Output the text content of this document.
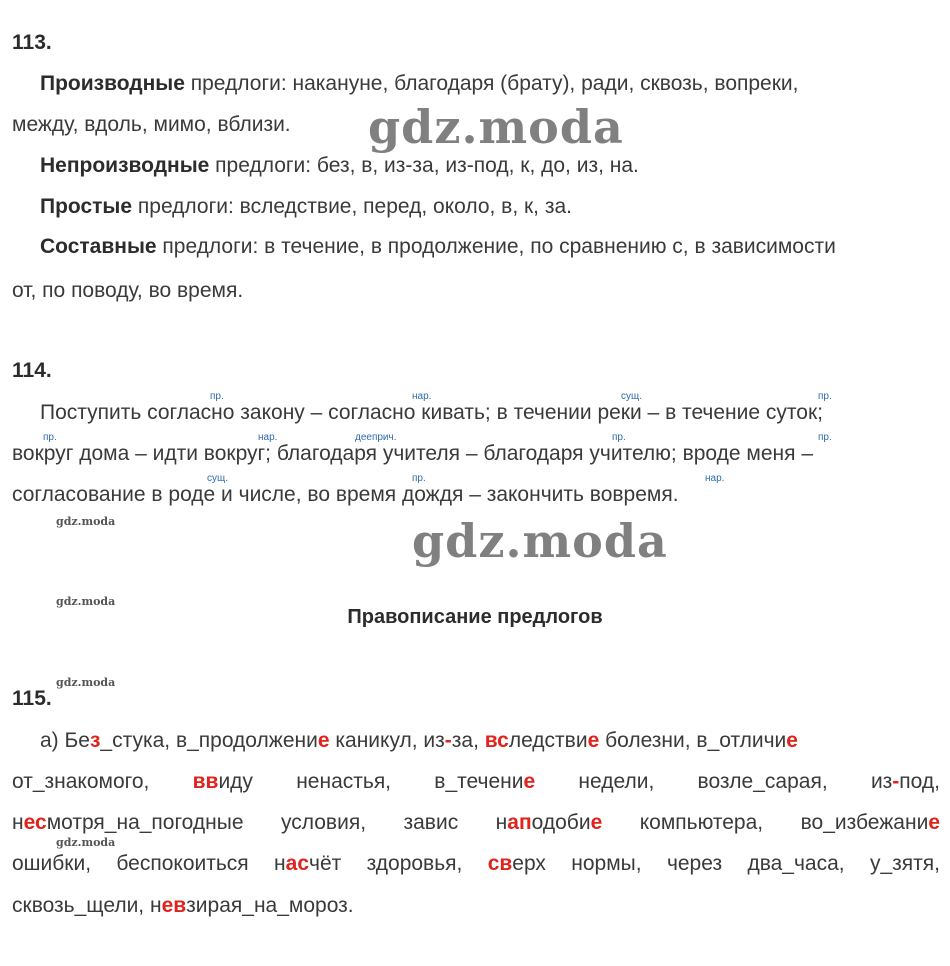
113.
Производные предлоги: накануне, благодаря (брату), ради, сквозь, вопреки,
между, вдоль, мимо, вблизи.
Непроизводные предлоги: без, в, из-за, из-под, к, до, из, на.
Простые предлоги: вследствие, перед, около, в, к, за.
Составные предлоги: в течение, в продолжение, по сравнению с, в зависимости
от, по поводу, во время.
gdz.moda
114.
пр.	нар.	сущ.	пр.
Поступить согласно закону – согласно кивать; в течении реки – в течение суток;
пр.	нар.	дееприч.	пр.	пр.
вокруг дома – идти вокруг; благодаря учителя – благодаря учителю; вроде меня –
сущ.	пр.	нар.
согласование в роде и числе, во время дождя – закончить вовремя.
gdz.moda	gdz.moda
gdz.moda
Правописание предлогов
gdz.moda
115.
а) Без_стука, в_продолжение каникул, из-за, вследствие болезни, в_отличие
от_знакомого, ввиду ненастья, в_течение недели, возле_сарая, из-под,
несмотря_на_погодные условия, завис наподобие компьютера, во_избежание
gdz.moda
ошибки, беспокоиться насчёт здоровья, сверх нормы, через два_часа, у_зятя,
сквозь_щели, невзирая_на_мороз.
